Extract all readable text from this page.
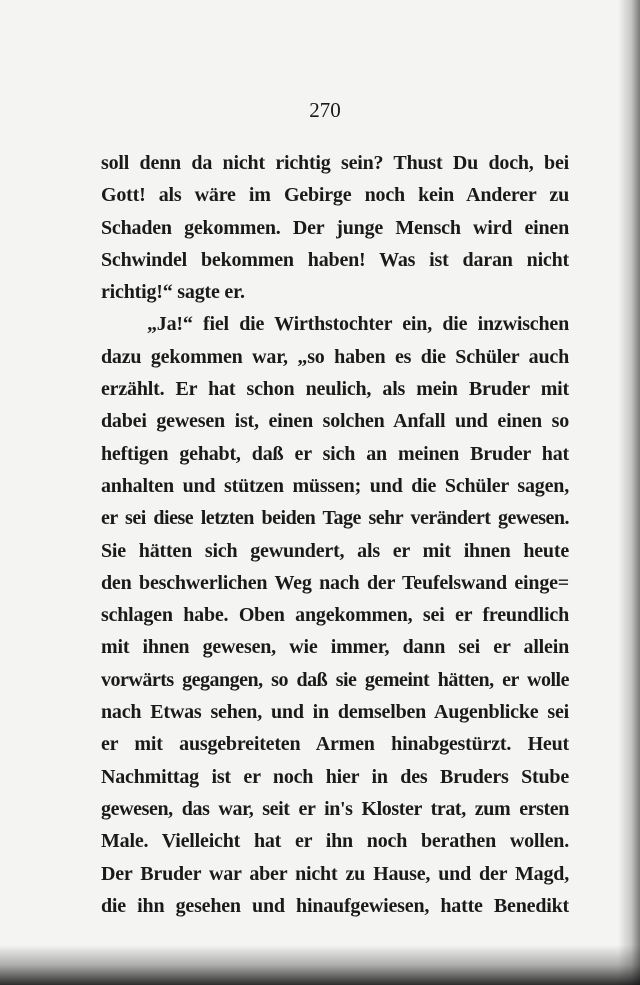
270
soll denn da nicht richtig sein? Thust Du doch, bei
Gott! als wäre im Gebirge noch kein Anderer zu
Schaden gekommen. Der junge Mensch wird einen
Schwindel bekommen haben! Was ist daran nicht
richtig!“ sagte er.
„Ja!“ fiel die Wirthstochter ein, die inzwischen
dazu gekommen war, „so haben es die Schüler auch
erzählt. Er hat schon neulich, als mein Bruder mit
dabei gewesen ist, einen solchen Anfall und einen so
heftigen gehabt, daß er sich an meinen Bruder hat
anhalten und stützen müssen; und die Schüler sagen,
er sei diese letzten beiden Tage sehr verändert gewesen.
Sie hätten sich gewundert, als er mit ihnen heute
den beschwerlichen Weg nach der Teufelswand einge=
schlagen habe. Oben angekommen, sei er freundlich
mit ihnen gewesen, wie immer, dann sei er allein
vorwärts gegangen, so daß sie gemeint hätten, er wolle
nach Etwas sehen, und in demselben Augenblicke sei
er mit ausgebreiteten Armen hinabgestürzt. Heut
Nachmittag ist er noch hier in des Bruders Stube
gewesen, das war, seit er in's Kloster trat, zum ersten
Male. Vielleicht hat er ihn noch berathen wollen.
Der Bruder war aber nicht zu Hause, und der Magd,
die ihn gesehen und hinaufgewiesen, hatte Benedikt
